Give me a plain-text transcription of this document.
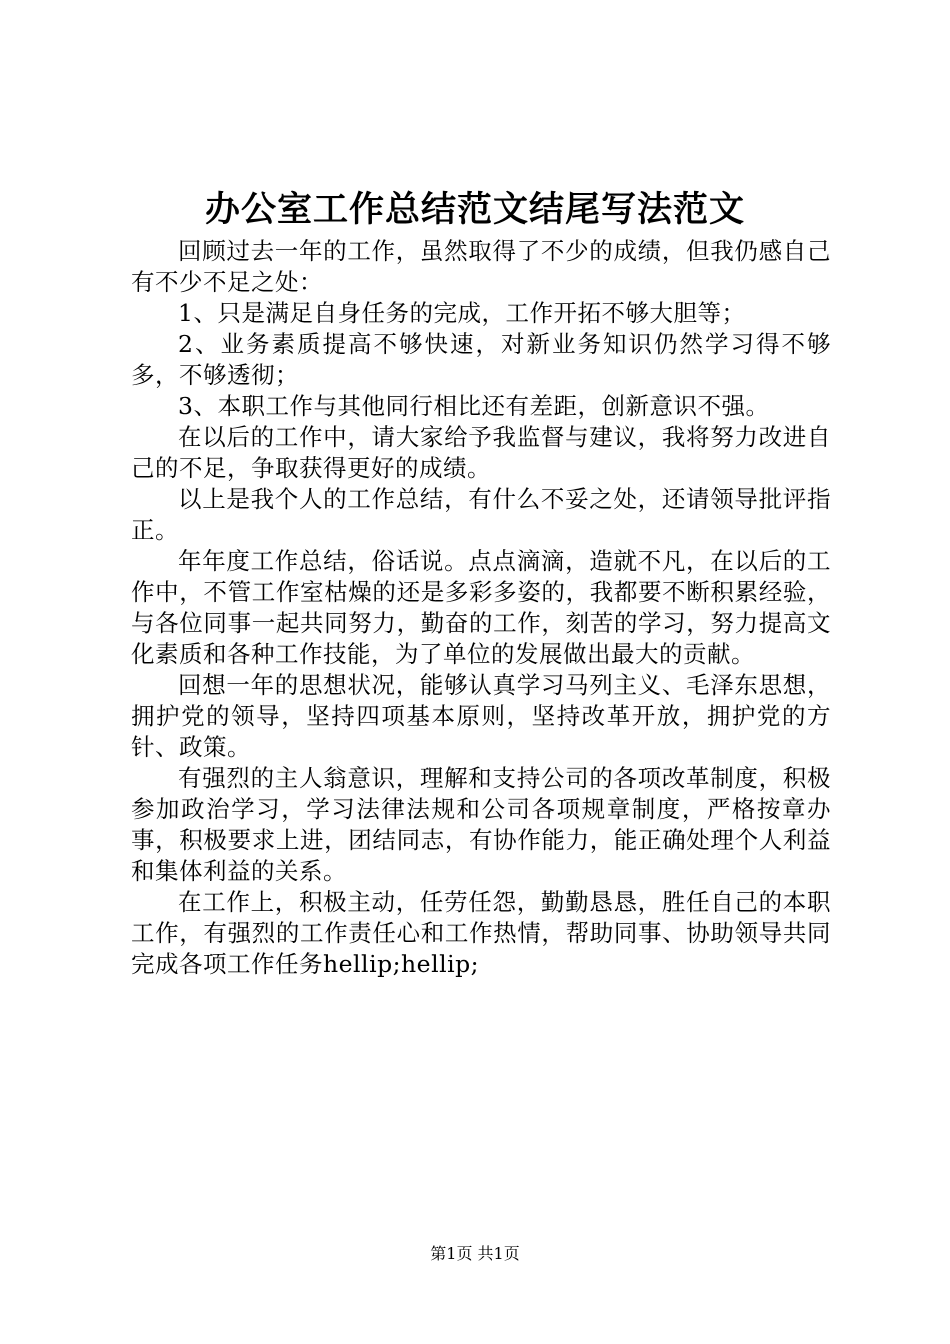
办公室工作总结范文结尾写法范文

回顾过去一年的工作，虽然取得了不少的成绩，但我仍感自己有不少不足之处：

1、只是满足自身任务的完成，工作开拓不够大胆等；

2、业务素质提高不够快速，对新业务知识仍然学习得不够多，不够透彻；

3、本职工作与其他同行相比还有差距，创新意识不强。

在以后的工作中，请大家给予我监督与建议，我将努力改进自己的不足，争取获得更好的成绩。

以上是我个人的工作总结，有什么不妥之处，还请领导批评指正。

年年度工作总结，俗话说。点点滴滴，造就不凡，在以后的工作中，不管工作室枯燥的还是多彩多姿的，我都要不断积累经验，与各位同事一起共同努力，勤奋的工作，刻苦的学习，努力提高文化素质和各种工作技能，为了单位的发展做出最大的贡献。

回想一年的思想状况，能够认真学习马列主义、毛泽东思想，拥护党的领导，坚持四项基本原则，坚持改革开放，拥护党的方针、政策。

有强烈的主人翁意识，理解和支持公司的各项改革制度，积极参加政治学习，学习法律法规和公司各项规章制度，严格按章办事，积极要求上进，团结同志，有协作能力，能正确处理个人利益和集体利益的关系。

在工作上，积极主动，任劳任怨，勤勤恳恳，胜任自己的本职工作，有强烈的工作责任心和工作热情，帮助同事、协助领导共同完成各项工作任务hellip;hellip;

第1页 共1页
